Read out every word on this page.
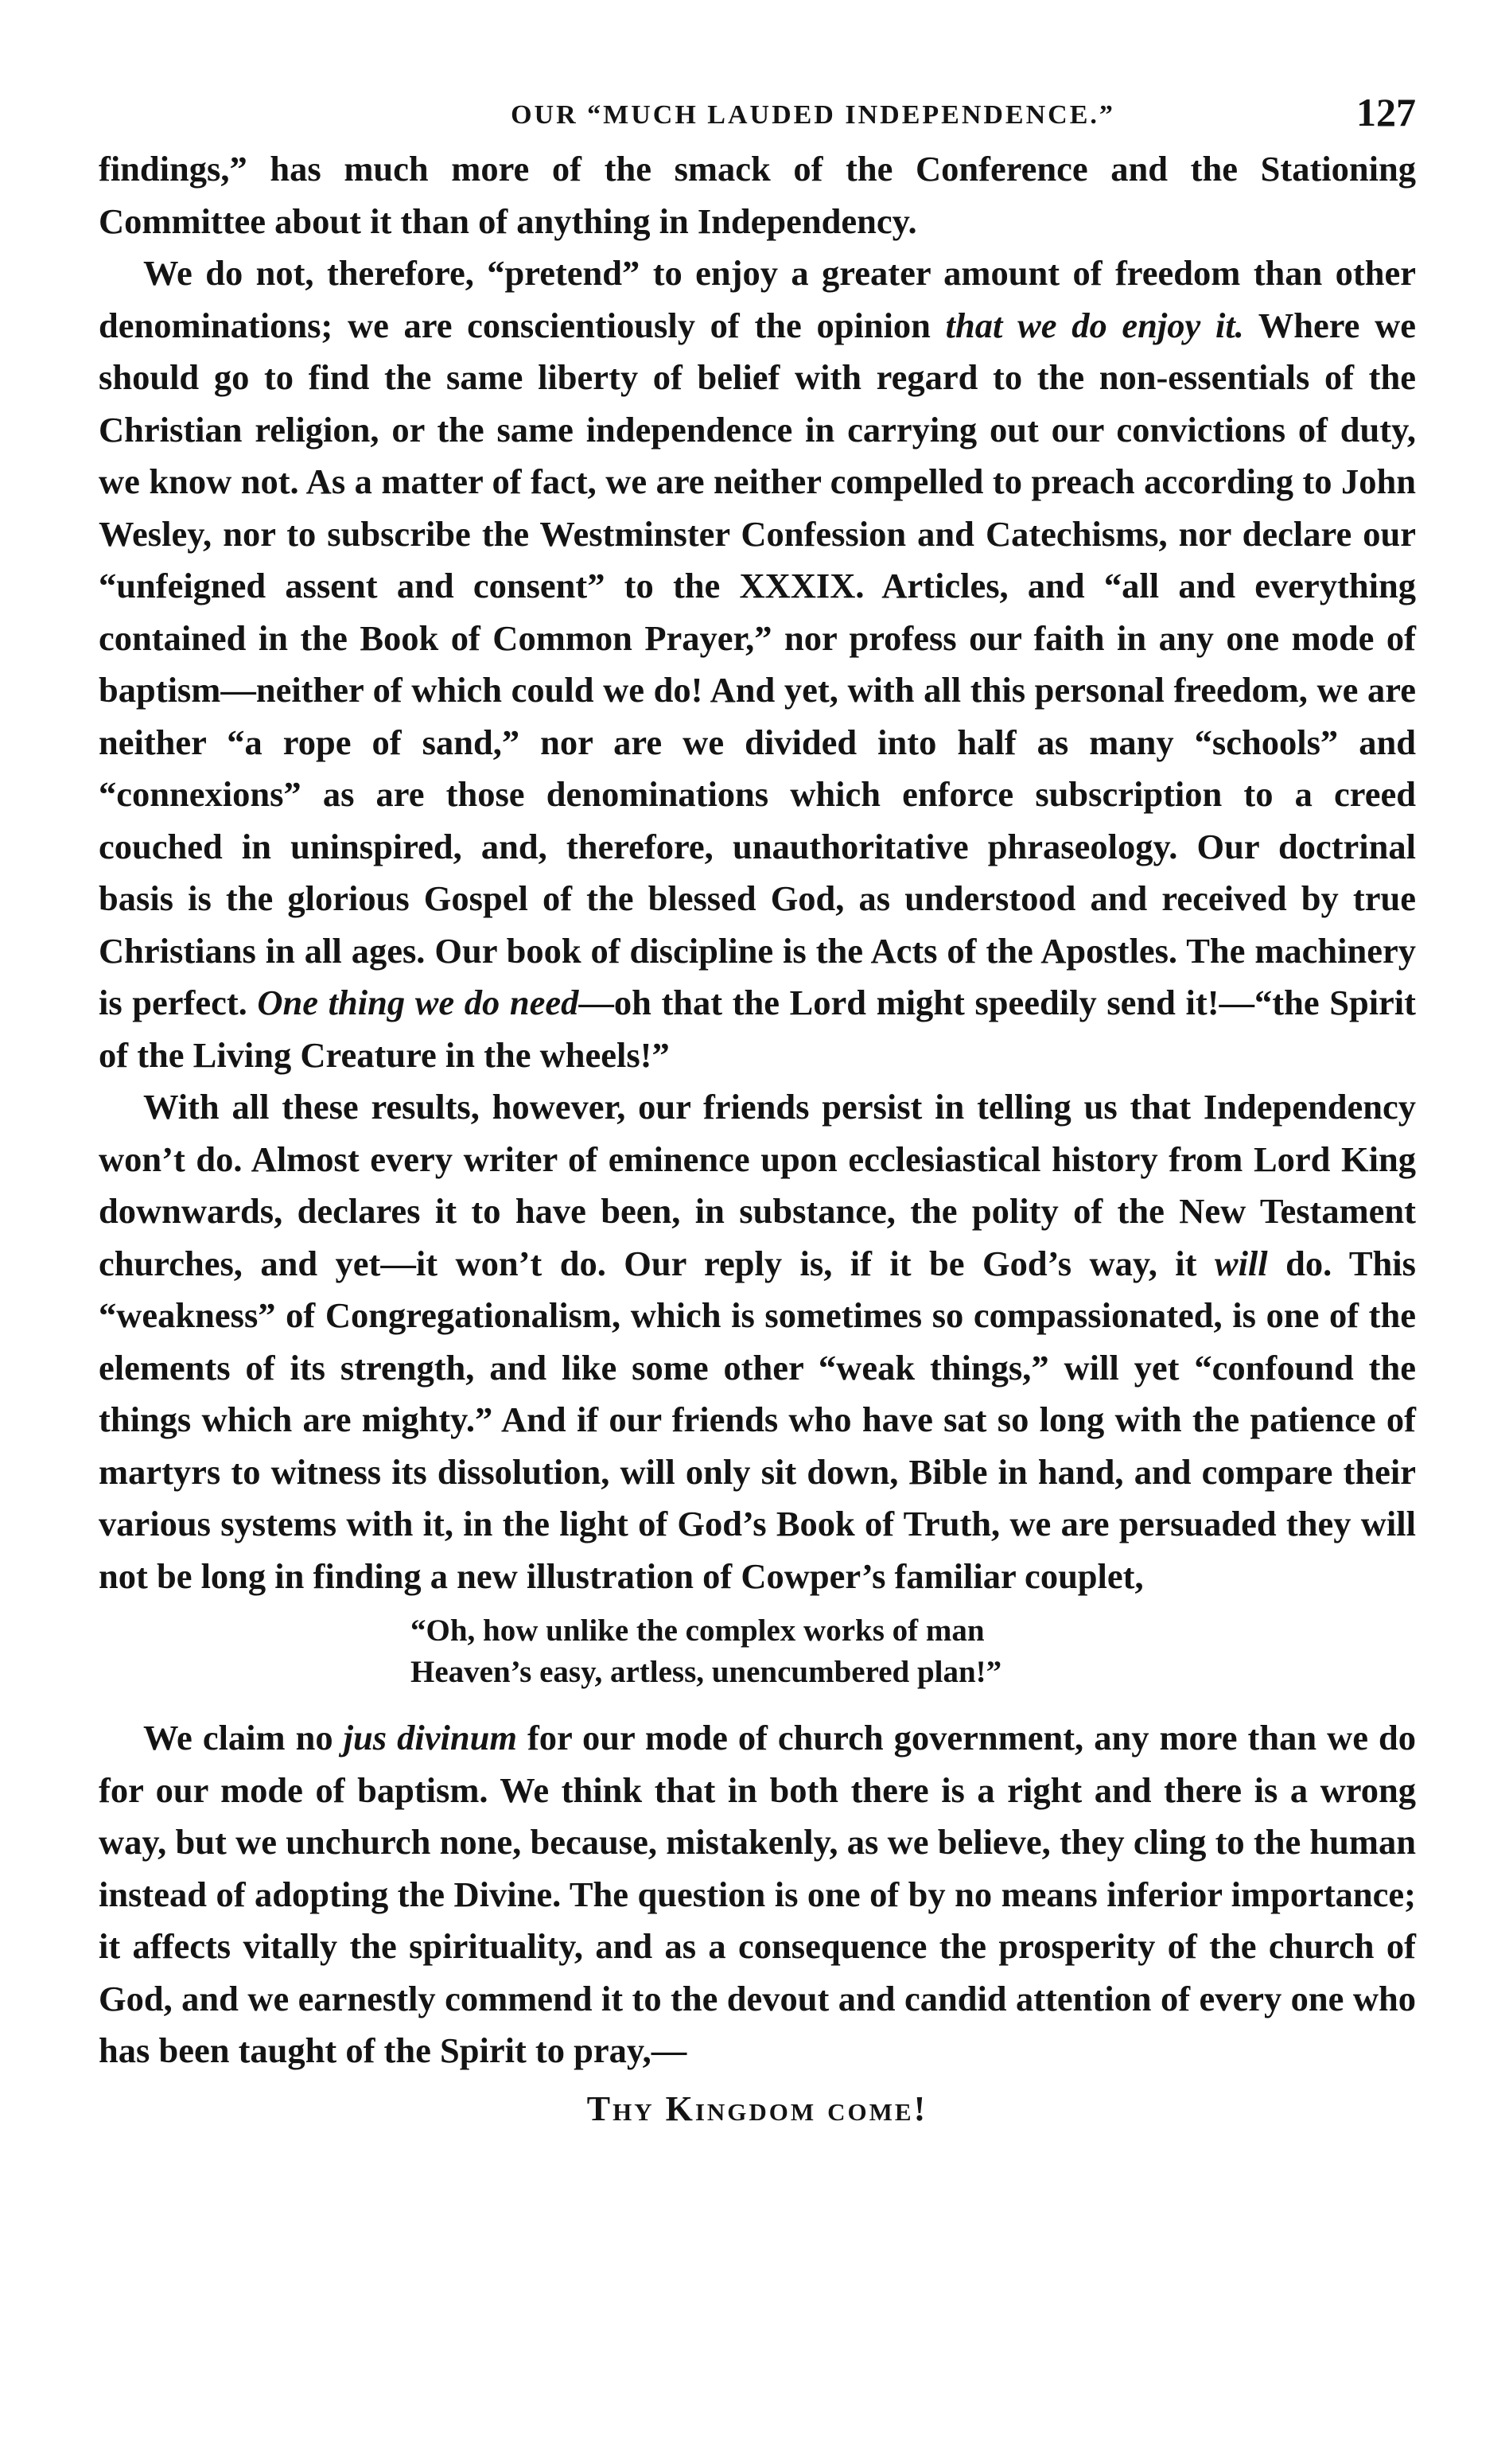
OUR “MUCH LAUDED INDEPENDENCE.”	127

findings,” has much more of the smack of the Conference and the Stationing Committee about it than of anything in Independency.

We do not, therefore, “pretend” to enjoy a greater amount of freedom than other denominations; we are conscientiously of the opinion that we do enjoy it. Where we should go to find the same liberty of belief with regard to the non-essentials of the Christian religion, or the same independence in carrying out our convictions of duty, we know not. As a matter of fact, we are neither compelled to preach according to John Wesley, nor to subscribe the Westminster Confession and Catechisms, nor declare our “unfeigned assent and consent” to the XXXIX. Articles, and “all and everything contained in the Book of Common Prayer,” nor profess our faith in any one mode of baptism—neither of which could we do! And yet, with all this personal freedom, we are neither “a rope of sand,” nor are we divided into half as many “schools” and “connexions” as are those denominations which enforce subscription to a creed couched in uninspired, and, therefore, unauthoritative phraseology. Our doctrinal basis is the glorious Gospel of the blessed God, as understood and received by true Christians in all ages. Our book of discipline is the Acts of the Apostles. The machinery is perfect. One thing we do need—oh that the Lord might speedily send it!—“the Spirit of the Living Creature in the wheels!”

With all these results, however, our friends persist in telling us that Independency won’t do. Almost every writer of eminence upon ecclesiastical history from Lord King downwards, declares it to have been, in substance, the polity of the New Testament churches, and yet—it won’t do. Our reply is, if it be God’s way, it will do. This “weakness” of Congregationalism, which is sometimes so compassionated, is one of the elements of its strength, and like some other “weak things,” will yet “confound the things which are mighty.” And if our friends who have sat so long with the patience of martyrs to witness its dissolution, will only sit down, Bible in hand, and compare their various systems with it, in the light of God’s Book of Truth, we are persuaded they will not be long in finding a new illustration of Cowper’s familiar couplet,

“Oh, how unlike the complex works of man
Heaven’s easy, artless, unencumbered plan!”

We claim no jus divinum for our mode of church government, any more than we do for our mode of baptism. We think that in both there is a right and there is a wrong way, but we unchurch none, because, mistakenly, as we believe, they cling to the human instead of adopting the Divine. The question is one of by no means inferior importance; it affects vitally the spirituality, and as a consequence the prosperity of the church of God, and we earnestly commend it to the devout and candid attention of every one who has been taught of the Spirit to pray,—

Thy Kingdom come!
